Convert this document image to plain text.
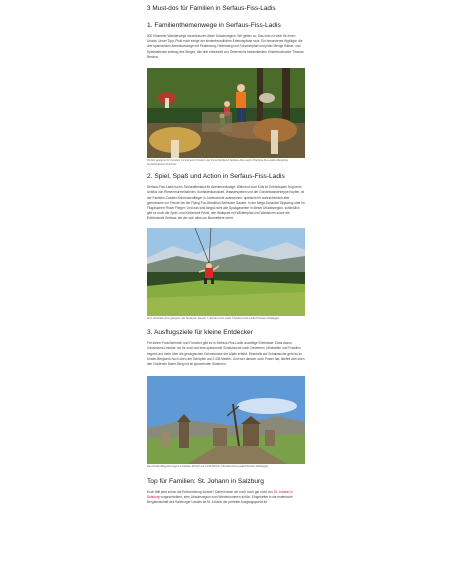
3 Must-dos für Familien in Serfaus-Fiss-Ladis
1. Familienthemenwege in Serfaus-Fiss-Ladis

500 Kilometer Wanderwege durchkreuzen diese Urlaubsregion. Wir geben zu: Das sind zu viele für einen Urlaub. Unser Tipp: Pickt euch einige der kinderfreundlichen Erlebnispfade raus. Ein besonderes Highlight: die drei spannenden Abenteuerwege mit Piratenweg, Hexenweg und Forscherpfad und jeder Menge Rätsel- und Spielstationen entlang des Weges, alle drei entwickelt von Österreichs bekanntestem Kinderbuchautor Thomas Brezina.

Perfekt geeignet für Familien mit kleineren Kindern: der Forscherpfad in Serfaus-Fiss-Ladis ©Serfaus-Fiss-Ladis Marketing GmbH/Andreas Kirschner

2. Spiel, Spaß und Action in Serfaus-Fiss-Ladis

Serfaus-Fiss-Ladis ist ein Schlaraffenland für Abenteuerlustige: Während eure Kids im Erlebnispark Hög beim Anblick von Riesenmurmelbahnen, Kuhfladenkarussell, Wasserspielen und der Gondelwassertreppe hüpfen, ist der Familien-Coaster-Schneckenflieger in Jubelschreie ausbrechen, quietscht ihr wahrscheinlich aller gemeinsam vor Freude bei der Flying Fox-Attraktion Serfauser Sauser. In der Mega-Schaukel Skyswing oder im Flugdrachen Fisser Flieger: Und das sind längst nicht alle Spaßgaranten in dieser Urlaubsregion, schließlich gibt es noch die Spiel- und Kletterwelt Pezid, den Waldpark mit Wildtierpfad und Waldsturm sowie die Erlebniswelt Serfaus, bei der sich alles um Murmeltiere dreht.

Zum Adrenalin-Kick geeignet: die Serfauser Sauser in Serfaus-Fiss-Ladis ©Serfaus-Fiss-Ladis/Christian Waldegger

3. Ausflugsziele für kleine Entdecker

Für kleine Forscherinnen und Forscher gibt es in Serfaus-Fiss-Ladis unzählige Erlebnisse: Etwa davon Geosmama Lesside, wo ihr euch auf eine spannende Schatzsuche nach Gesteinen, Mineralien und Fossilien begebt und mehr über die geologischen Geheimnisse der Alpen erfahrt. Ebenfalls auf Schatzsuche geht es im Kinder-Bergwerk hoch oben am Schöpfen auf 2.436 Metern. Und wer danach noch Power hat, stiefelt dort oben den Goldenen Marm-Weg mit all spannenden Stationen.

Das Kinder-Bergwerk liegt am Plateau Schöpf auf 2.436 Metern ©Serfaus-Fiss-Ladis/Christian Waldegger

Top für Familien: St. Johann in Salzburg

Euch fällt jetzt schon die Entscheidung schwer? Dabei haben wir euch noch gar nicht von St. Johann in Salzburg vorgeschwärmt, eine Urlaubsregion zum Wiederkommen schön. Eingebettet in die malerische Berglandschaft des Salzburger Landes ist St. Johann der perfekte Ausgangspunkt für
